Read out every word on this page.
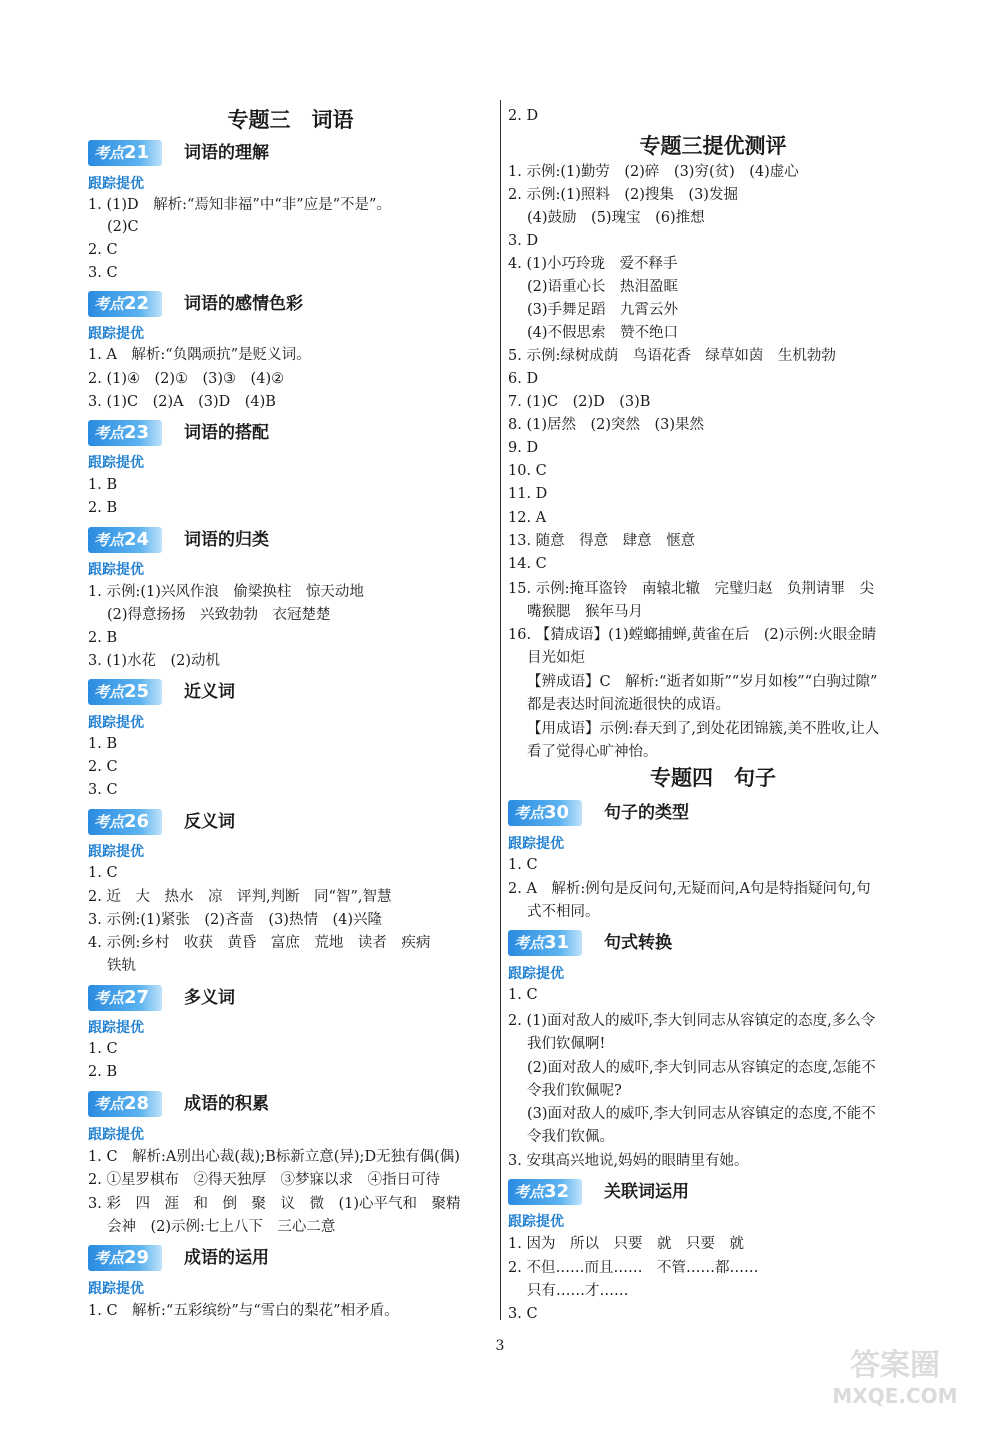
专题三　词语
考点21	词语的理解
跟踪提优
1. (1)D　解析:“焉知非福”中“非”应是“不是”。
(2)C
2. C
3. C
考点22	词语的感情色彩
跟踪提优
1. A　解析:“负隅顽抗”是贬义词。
2. (1)④　(2)①　(3)③　(4)②
3. (1)C　(2)A　(3)D　(4)B
考点23	词语的搭配
跟踪提优
1. B
2. B
考点24	词语的归类
跟踪提优
1. 示例:(1)兴风作浪　偷梁换柱　惊天动地
(2)得意扬扬　兴致勃勃　衣冠楚楚
2. B
3. (1)水花　(2)动机
考点25	近义词
跟踪提优
1. B
2. C
3. C
考点26	反义词
跟踪提优
1. C
2. 近　大　热水　凉　评判,判断　同“智”,智慧
3. 示例:(1)紧张　(2)吝啬　(3)热情　(4)兴隆
4. 示例:乡村　收获　黄昏　富庶　荒地　读者　疾病
铁轨
考点27	多义词
跟踪提优
1. C
2. B
考点28	成语的积累
跟踪提优
1. C　解析:A别出心裁(裁);B标新立意(异);D无独有偶(偶)
2. ①星罗棋布　②得天独厚　③梦寐以求　④指日可待
3. 彩　四　涯　和　倒　聚　议　微　(1)心平气和　聚精
会神　(2)示例:七上八下　三心二意
考点29	成语的运用
跟踪提优
1. C　解析:“五彩缤纷”与“雪白的梨花”相矛盾。
2. D
专题三提优测评
1. 示例:(1)勤劳　(2)碎　(3)穷(贫)　(4)虚心
2. 示例:(1)照料　(2)搜集　(3)发掘
(4)鼓励　(5)瑰宝　(6)推想
3. D
4. (1)小巧玲珑　爱不释手
(2)语重心长　热泪盈眶
(3)手舞足蹈　九霄云外
(4)不假思索　赞不绝口
5. 示例:绿树成荫　鸟语花香　绿草如茵　生机勃勃
6. D
7. (1)C　(2)D　(3)B
8. (1)居然　(2)突然　(3)果然
9. D
10. C
11. D
12. A
13. 随意　得意　肆意　惬意
14. C
15. 示例:掩耳盗铃　南辕北辙　完璧归赵　负荆请罪　尖
嘴猴腮　猴年马月
16. 【猜成语】(1)螳螂捕蝉,黄雀在后　(2)示例:火眼金睛
目光如炬
【辨成语】C　解析:“逝者如斯”“岁月如梭”“白驹过隙”
都是表达时间流逝很快的成语。
【用成语】示例:春天到了,到处花团锦簇,美不胜收,让人
看了觉得心旷神怡。
专题四　句子
考点30	句子的类型
跟踪提优
1. C
2. A　解析:例句是反问句,无疑而问,A句是特指疑问句,句
式不相同。
考点31	句式转换
跟踪提优
1. C
2. (1)面对敌人的威吓,李大钊同志从容镇定的态度,多么令
我们钦佩啊!
(2)面对敌人的威吓,李大钊同志从容镇定的态度,怎能不
令我们钦佩呢?
(3)面对敌人的威吓,李大钊同志从容镇定的态度,不能不
令我们钦佩。
3. 安琪高兴地说,妈妈的眼睛里有她。
考点32	关联词运用
跟踪提优
1. 因为　所以　只要　就　只要　就
2. 不但……而且……　不管……都……
只有……才……
3. C
3
答案圈
MXQE.COM
